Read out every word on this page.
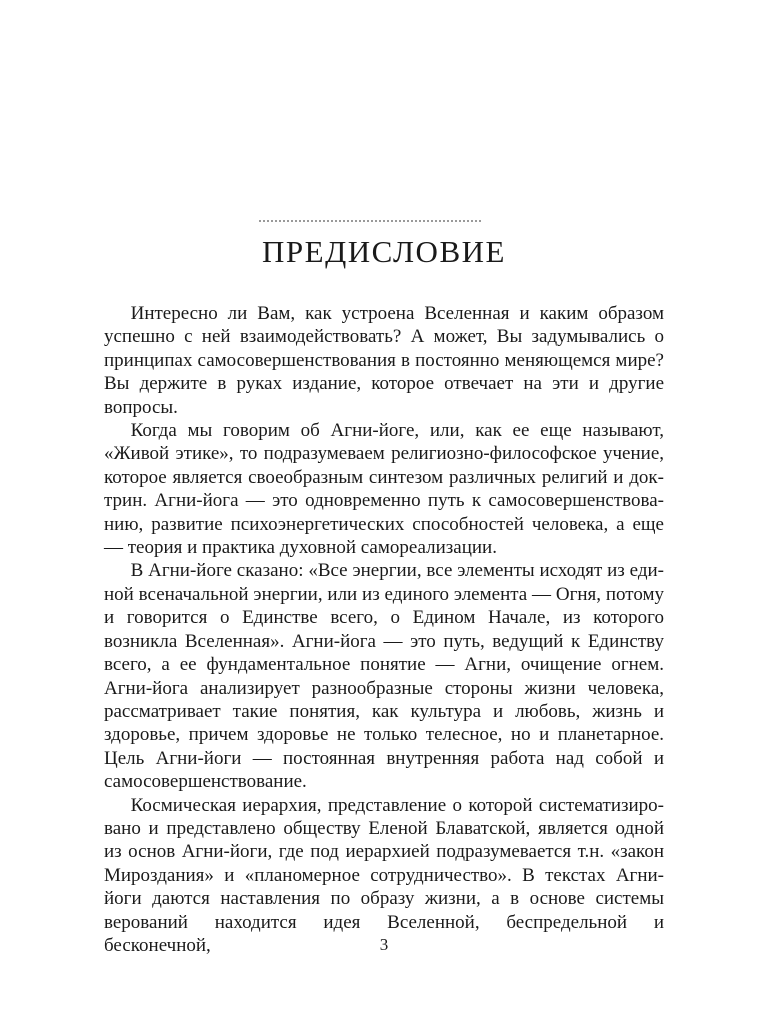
ПРЕДИСЛОВИЕ

Интересно ли Вам, как устроена Вселенная и каким образом успешно с ней взаимодействовать? А может, Вы задумывались о принципах самосовершенствования в постоянно меняющемся мире? Вы держите в руках издание, которое отвечает на эти и другие вопросы.

Когда мы говорим об Агни-йоге, или, как ее еще называют, «Живой этике», то подразумеваем религиозно-философское учение, которое является своеобразным синтезом различных религий и доктрин. Агни-йога — это одновременно путь к самосовершенствованию, развитие психоэнергетических способностей человека, а еще — теория и практика духовной самореализации.

В Агни-йоге сказано: «Все энергии, все элементы исходят из единой всеначальной энергии, или из единого элемента — Огня, потому и говорится о Единстве всего, о Едином Начале, из которого возникла Вселенная». Агни-йога — это путь, ведущий к Единству всего, а ее фундаментальное понятие — Агни, очищение огнем. Агни-йога анализирует разнообразные стороны жизни человека, рассматривает такие понятия, как культура и любовь, жизнь и здоровье, причем здоровье не только телесное, но и планетарное. Цель Агни-йоги — постоянная внутренняя работа над собой и самосовершенствование.

Космическая иерархия, представление о которой систематизировано и представлено обществу Еленой Блаватской, является одной из основ Агни-йоги, где под иерархией подразумевается т.н. «закон Мироздания» и «планомерное сотрудничество». В текстах Агни-йоги даются наставления по образу жизни, а в основе системы верований находится идея Вселенной, беспредельной и бесконечной,	3
